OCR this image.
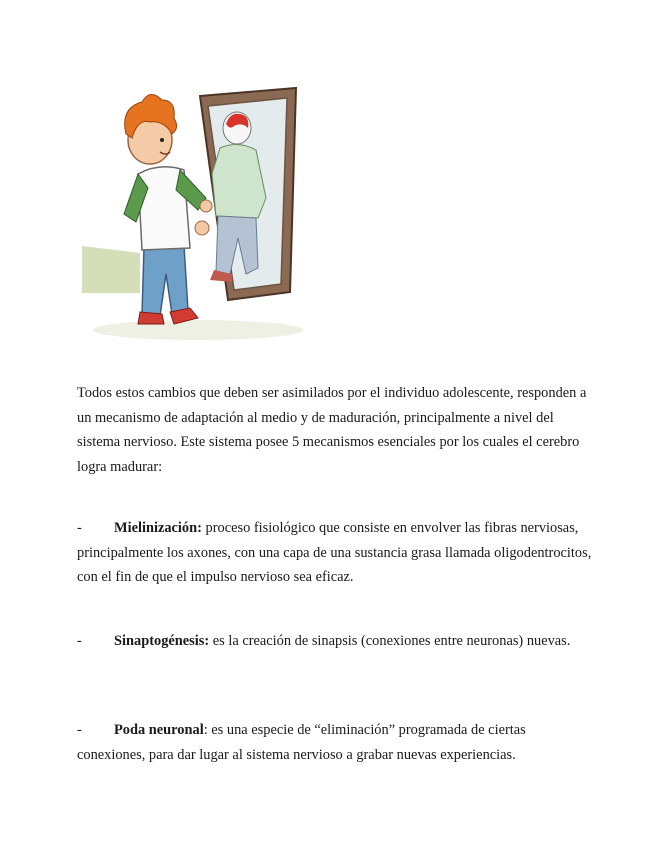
Todos estos cambios que deben ser asimilados por el individuo adolescente, responden a un mecanismo de adaptación al medio y de maduración, principalmente a nivel del sistema nervioso. Este sistema posee 5 mecanismos esenciales por los cuales el cerebro logra madurar:

- Mielinización: proceso fisiológico que consiste en envolver las fibras nerviosas, principalmente los axones, con una capa de una sustancia grasa llamada oligodentrocitos, con el fin de que el impulso nervioso sea eficaz.

- Sinaptogénesis: es la creación de sinapsis (conexiones entre neuronas) nuevas.

- Poda neuronal: es una especie de “eliminación” programada de ciertas conexiones, para dar lugar al sistema nervioso a grabar nuevas experiencias.
